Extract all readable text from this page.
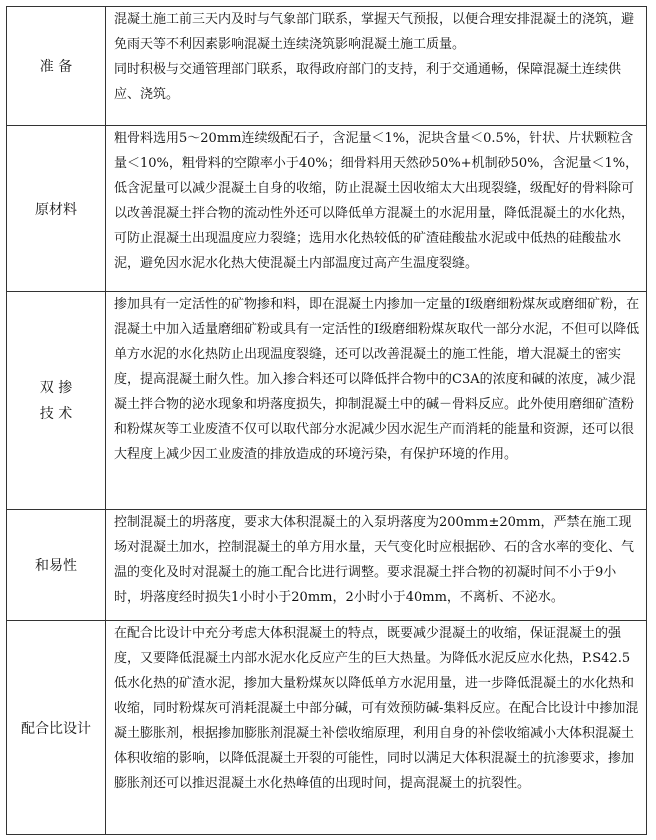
准 备	混凝土施工前三天内及时与气象部门联系，掌握天气预报，以便合理安排混凝土的浇筑，避免雨天等不利因素影响混凝土连续浇筑影响混凝土施工质量。

同时积极与交通管理部门联系，取得政府部门的支持，利于交通通畅，保障混凝土连续供应、浇筑。

原材料	粗骨料选用5～20mm连续级配石子，含泥量＜1%，泥块含量＜0.5%，针状、片状颗粒含量＜10%，粗骨料的空隙率小于40%；细骨料用天然砂50%+机制砂50%，含泥量＜1%，低含泥量可以减少混凝土自身的收缩，防止混凝土因收缩太大出现裂缝，级配好的骨料除可以改善混凝土拌合物的流动性外还可以降低单方混凝土的水泥用量，降低混凝土的水化热，可防止混凝土出现温度应力裂缝；选用水化热较低的矿渣硅酸盐水泥或中低热的硅酸盐水泥，避免因水泥水化热大使混凝土内部温度过高产生温度裂缝。

双 掺
技 术	掺加具有一定活性的矿物掺和料，即在混凝土内掺加一定量的Ⅰ级磨细粉煤灰或磨细矿粉，在混凝土中加入适量磨细矿粉或具有一定活性的Ⅰ级磨细粉煤灰取代一部分水泥，不但可以降低单方水泥的水化热防止出现温度裂缝，还可以改善混凝土的施工性能，增大混凝土的密实度，提高混凝土耐久性。加入掺合料还可以降低拌合物中的C3A的浓度和碱的浓度，减少混凝土拌合物的泌水现象和坍落度损失，抑制混凝土中的碱－骨料反应。此外使用磨细矿渣粉和粉煤灰等工业废渣不仅可以取代部分水泥减少因水泥生产而消耗的能量和资源，还可以很大程度上减少因工业废渣的排放造成的环境污染，有保护环境的作用。

和易性	控制混凝土的坍落度，要求大体积混凝土的入泵坍落度为200mm±20mm，严禁在施工现场对混凝土加水，控制混凝土的单方用水量，天气变化时应根据砂、石的含水率的变化、气温的变化及时对混凝土的施工配合比进行调整。要求混凝土拌合物的初凝时间不小于9小时，坍落度经时损失1小时小于20mm，2小时小于40mm，不离析、不泌水。

配合比设计	在配合比设计中充分考虑大体积混凝土的特点，既要减少混凝土的收缩，保证混凝土的强度，又要降低混凝土内部水泥水化反应产生的巨大热量。为降低水泥反应水化热，P.S42.5低水化热的矿渣水泥，掺加大量粉煤灰以降低单方水泥用量，进一步降低混凝土的水化热和收缩，同时粉煤灰可消耗混凝土中部分碱，可有效预防碱-集料反应。在配合比设计中掺加混凝土膨胀剂，根据掺加膨胀剂混凝土补偿收缩原理，利用自身的补偿收缩减小大体积混凝土体积收缩的影响，以降低混凝土开裂的可能性，同时以满足大体积混凝土的抗渗要求，掺加膨胀剂还可以推迟混凝土水化热峰值的出现时间，提高混凝土的抗裂性。
